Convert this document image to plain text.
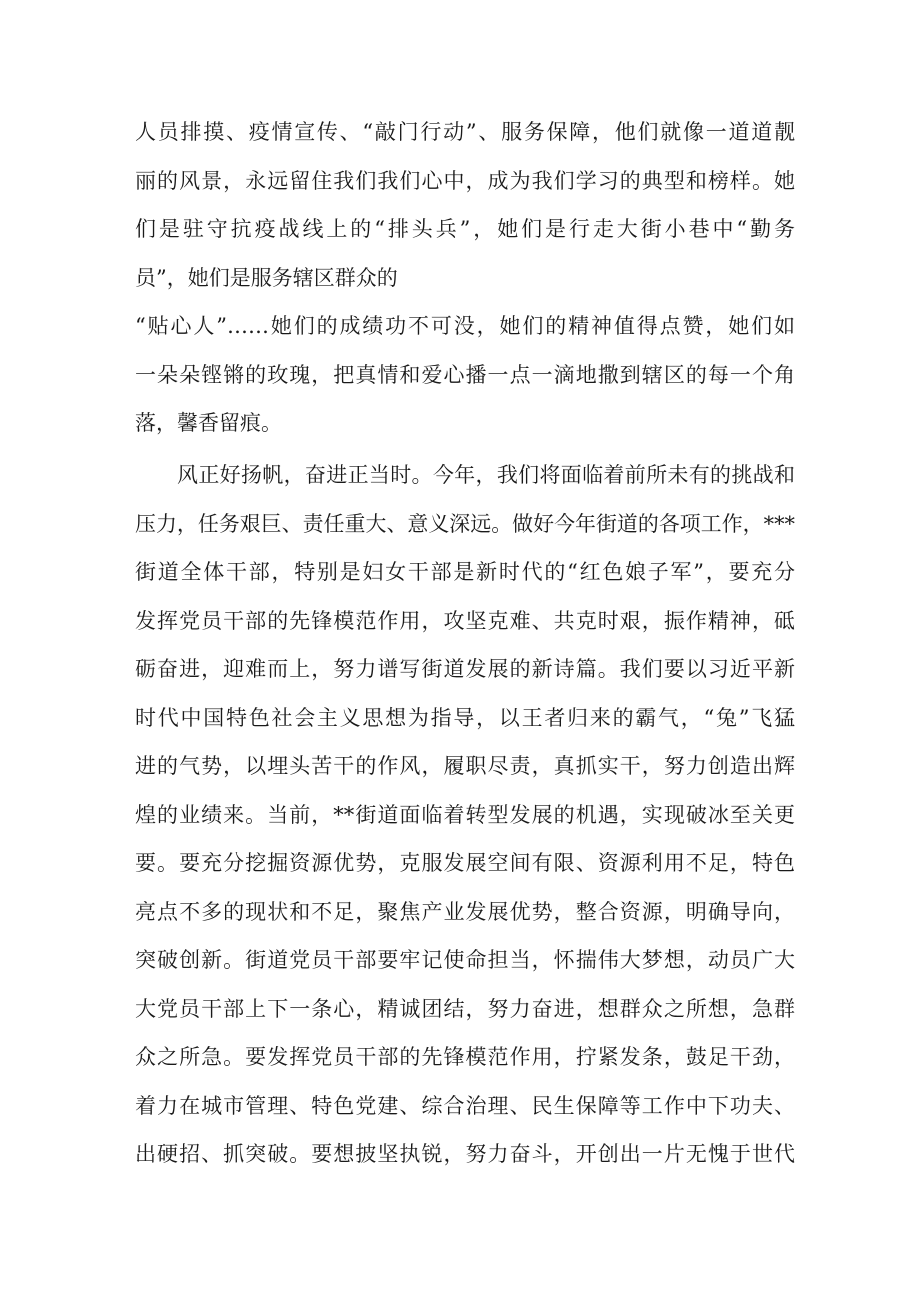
人员排摸、疫情宣传、“敲门行动”、服务保障，他们就像一道道靓
丽的风景，永远留住我们我们心中，成为我们学习的典型和榜样。她
们是驻守抗疫战线上的“排头兵”，她们是行走大街小巷中“勤务
员”，她们是服务辖区群众的
“贴心人”……她们的成绩功不可没，她们的精神值得点赞，她们如
一朵朵铿锵的玫瑰，把真情和爱心播一点一滴地撒到辖区的每一个角
落，馨香留痕。
风正好扬帆，奋进正当时。今年，我们将面临着前所未有的挑战和
压力，任务艰巨、责任重大、意义深远。做好今年街道的各项工作，***
街道全体干部，特别是妇女干部是新时代的“红色娘子军”，要充分
发挥党员干部的先锋模范作用，攻坚克难、共克时艰，振作精神，砥
砺奋进，迎难而上，努力谱写街道发展的新诗篇。我们要以习近平新
时代中国特色社会主义思想为指导，以王者归来的霸气，“兔”飞猛
进的气势，以埋头苦干的作风，履职尽责，真抓实干，努力创造出辉
煌的业绩来。当前，**街道面临着转型发展的机遇，实现破冰至关更
要。要充分挖掘资源优势，克服发展空间有限、资源利用不足，特色
亮点不多的现状和不足，聚焦产业发展优势，整合资源，明确导向，
突破创新。街道党员干部要牢记使命担当，怀揣伟大梦想，动员广大
大党员干部上下一条心，精诚团结，努力奋进，想群众之所想，急群
众之所急。要发挥党员干部的先锋模范作用，拧紧发条，鼓足干劲，
着力在城市管理、特色党建、综合治理、民生保障等工作中下功夫、
出硬招、抓突破。要想披坚执锐，努力奋斗，开创出一片无愧于世代
